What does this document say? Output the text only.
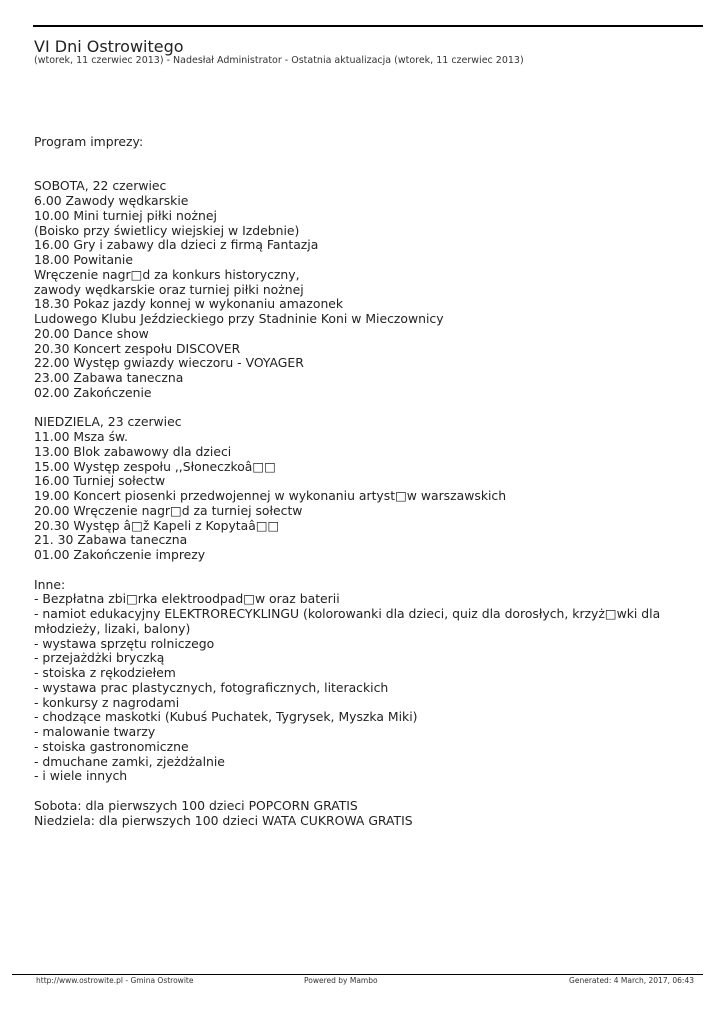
VI Dni Ostrowitego
(wtorek, 11 czerwiec 2013) - Nadesłał Administrator - Ostatnia aktualizacja (wtorek, 11 czerwiec 2013)
Program imprezy:
SOBOTA, 22 czerwiec
6.00 Zawody wędkarskie
10.00 Mini turniej piłki nożnej
(Boisko przy świetlicy wiejskiej w Izdebnie)
16.00 Gry i zabawy dla dzieci z firmą Fantazja
18.00 Powitanie
Wręczenie nagr□d za konkurs historyczny,
zawody wędkarskie oraz turniej piłki nożnej
18.30 Pokaz jazdy konnej w wykonaniu amazonek
Ludowego Klubu Jeździeckiego przy Stadninie Koni w Mieczownicy
20.00 Dance show
20.30 Koncert zespołu DISCOVER
22.00 Występ gwiazdy wieczoru - VOYAGER
23.00 Zabawa taneczna
02.00 Zakończenie
NIEDZIELA, 23 czerwiec
11.00 Msza św.
13.00 Blok zabawowy dla dzieci
15.00 Występ zespołu ,,Słoneczkoâ□□
16.00 Turniej sołectw
19.00 Koncert piosenki przedwojennej w wykonaniu artyst□w warszawskich
20.00 Wręczenie nagr□d za turniej sołectw
20.30 Występ â□ž Kapeli z Kopytaâ□□
21. 30 Zabawa taneczna
01.00 Zakończenie imprezy
Inne:
- Bezpłatna zbi□rka elektroodpad□w oraz baterii
- namiot edukacyjny ELEKTRORECYKLINGU (kolorowanki dla dzieci, quiz dla dorosłych, krzyż□wki dla
młodzieży, lizaki, balony)
- wystawa sprzętu rolniczego
- przejażdżki bryczką
- stoiska z rękodziełem
- wystawa prac plastycznych, fotograficznych, literackich
- konkursy z nagrodami
- chodzące maskotki (Kubuś Puchatek, Tygrysek, Myszka Miki)
- malowanie twarzy
- stoiska gastronomiczne
- dmuchane zamki, zjeżdżalnie
- i wiele innych
Sobota: dla pierwszych 100 dzieci POPCORN GRATIS
Niedziela: dla pierwszych 100 dzieci WATA CUKROWA GRATIS
http://www.ostrowite.pl - Gmina Ostrowite	Powered by Mambo	Generated: 4 March, 2017, 06:43
